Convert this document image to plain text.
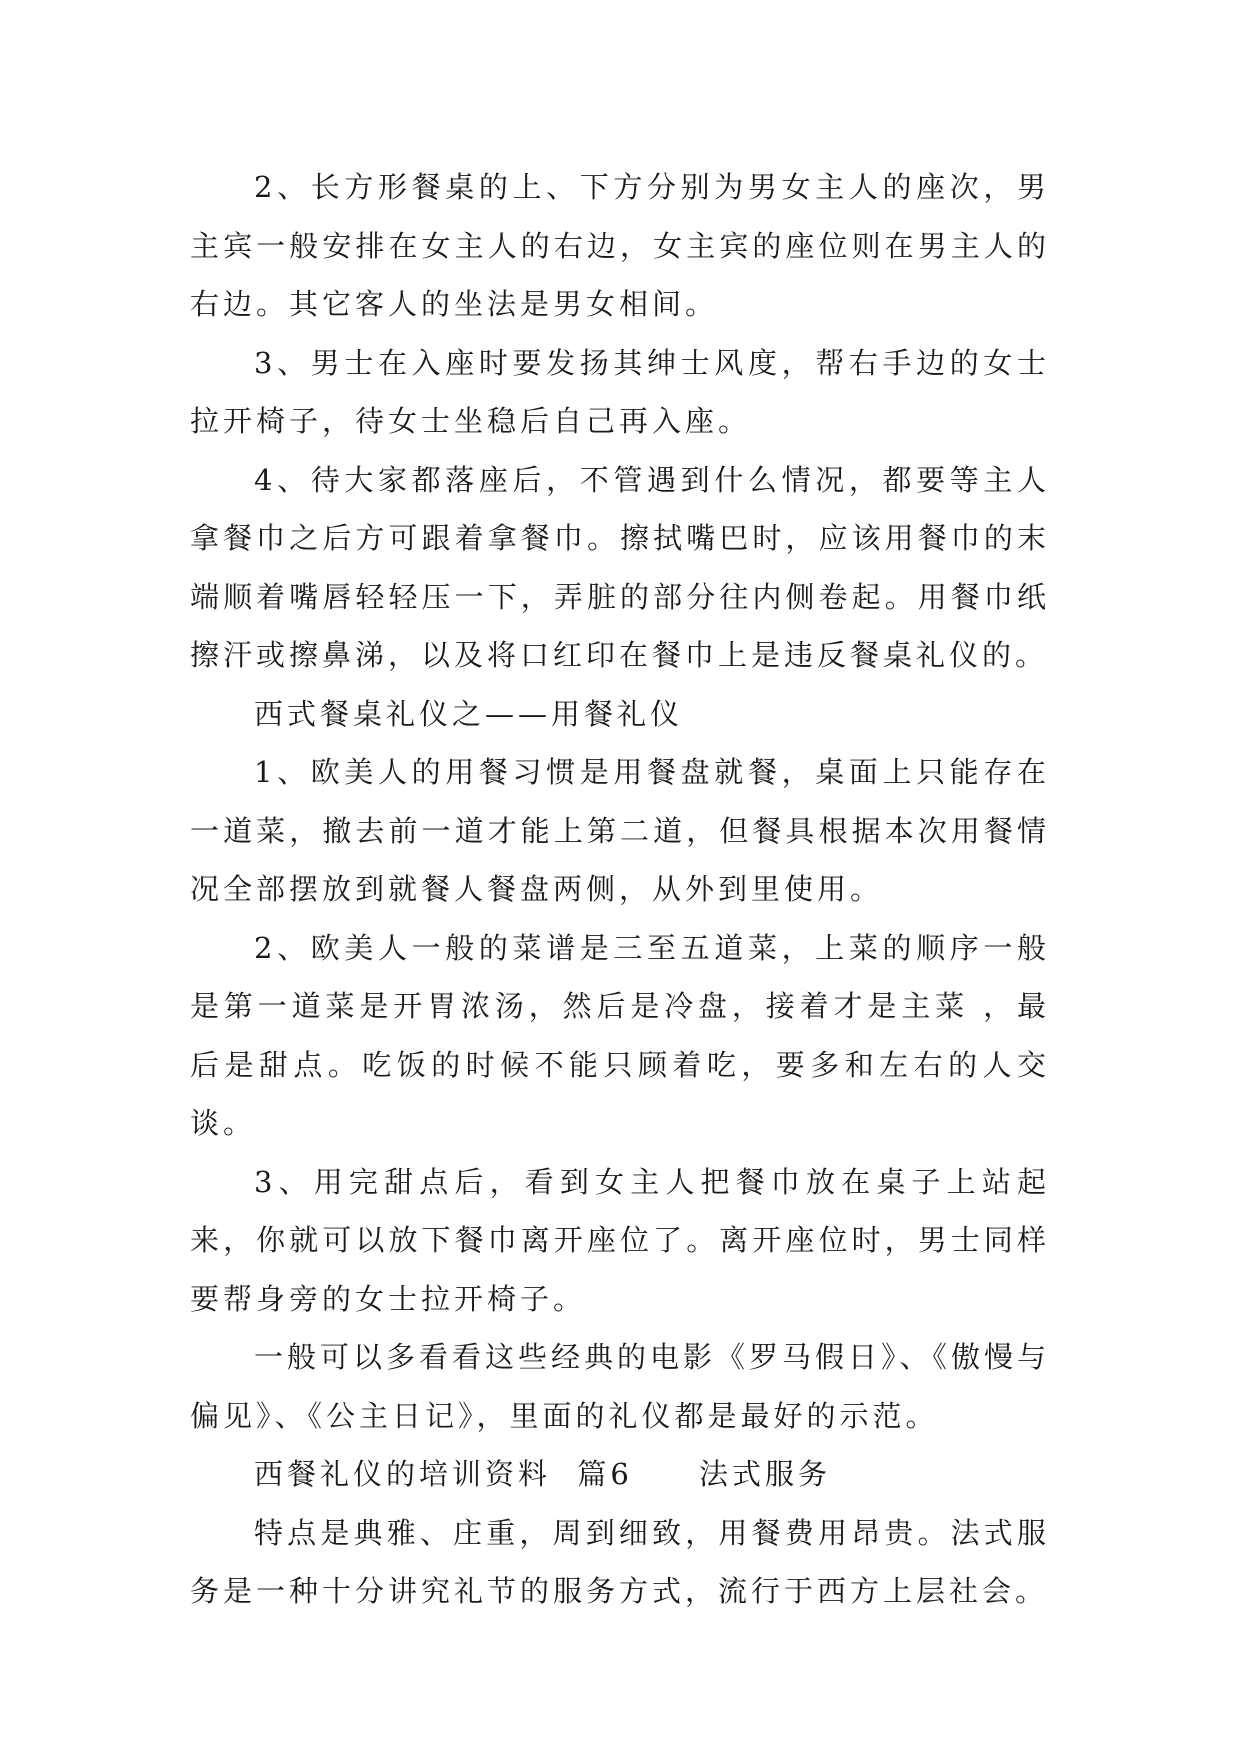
2、长方形餐桌的上、下方分别为男女主人的座次，男主宾一般安排在女主人的右边，女主宾的座位则在男主人的右边。其它客人的坐法是男女相间。

3、男士在入座时要发扬其绅士风度，帮右手边的女士拉开椅子，待女士坐稳后自己再入座。

4、待大家都落座后，不管遇到什么情况，都要等主人拿餐巾之后方可跟着拿餐巾。擦拭嘴巴时，应该用餐巾的末端顺着嘴唇轻轻压一下，弄脏的部分往内侧卷起。用餐巾纸擦汗或擦鼻涕，以及将口红印在餐巾上是违反餐桌礼仪的。

西式餐桌礼仪之——用餐礼仪

1、欧美人的用餐习惯是用餐盘就餐，桌面上只能存在一道菜，撤去前一道才能上第二道，但餐具根据本次用餐情况全部摆放到就餐人餐盘两侧，从外到里使用。

2、欧美人一般的菜谱是三至五道菜，上菜的顺序一般是第一道菜是开胃浓汤，然后是冷盘，接着才是主菜 ，最后是甜点。吃饭的时候不能只顾着吃，要多和左右的人交谈。

3、用完甜点后，看到女主人把餐巾放在桌子上站起来，你就可以放下餐巾离开座位了。离开座位时，男士同样要帮身旁的女士拉开椅子。

一般可以多看看这些经典的电影《罗马假日》、《傲慢与偏见》、《公主日记》，里面的礼仪都是最好的示范。

西餐礼仪的培训资料  篇6     法式服务

特点是典雅、庄重，周到细致，用餐费用昂贵。法式服务是一种十分讲究礼节的服务方式，流行于西方上层社会。
